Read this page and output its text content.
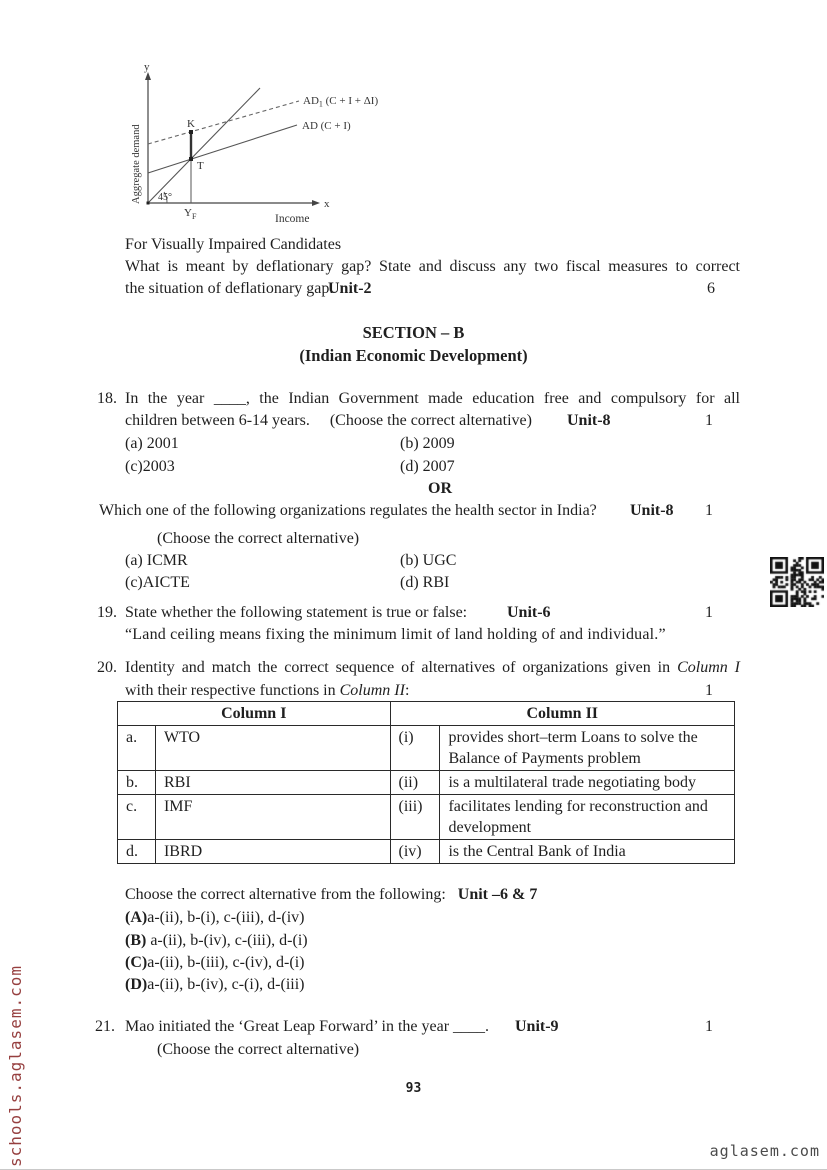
y
x
Aggregate demand
Income
$AD_1$ (C + I + ΔI)
AD (C + I)
K
T
45°
$Y_F$
For Visually Impaired Candidates
What is meant by deflationary gap? State and discuss any two fiscal measures to correct
the situation of deflationary gap.
Unit-2	6
SECTION – B
(Indian Economic Development)
18. In the year ____, the Indian Government made education free and compulsory for all
children between 6-14 years. (Choose the correct alternative) Unit-8	1
(a) 2001	(b) 2009
(c)2003	(d) 2007
OR
Which one of the following organizations regulates the health sector in India? Unit-8 1
(Choose the correct alternative)
(a) ICMR	(b) UGC
(c)AICTE	(d) RBI
19. State whether the following statement is true or false: Unit-6	1
“Land ceiling means fixing the minimum limit of land holding of and individual.”
20. Identity and match the correct sequence of alternatives of organizations given in Column I
with their respective functions in Column II:	1
Column I		Column II	
a.	WTO	(i)	provides short–term Loans to solve the Balance of Payments problem
b.	RBI	(ii)	is a multilateral trade negotiating body
c.	IMF	(iii)	facilitates lending for reconstruction and development
d.	IBRD	(iv)	is the Central Bank of India
Choose the correct alternative from the following: Unit –6 & 7
(A)a-(ii), b-(i), c-(iii), d-(iv)
(B) a-(ii), b-(iv), c-(iii), d-(i)
(C)a-(ii), b-(iii), c-(iv), d-(i)
(D)a-(ii), b-(iv), c-(i), d-(iii)
21. Mao initiated the ‘Great Leap Forward’ in the year ____. Unit-9	1
(Choose the correct alternative)
93
schools.aglasem.com	aglasem.com
